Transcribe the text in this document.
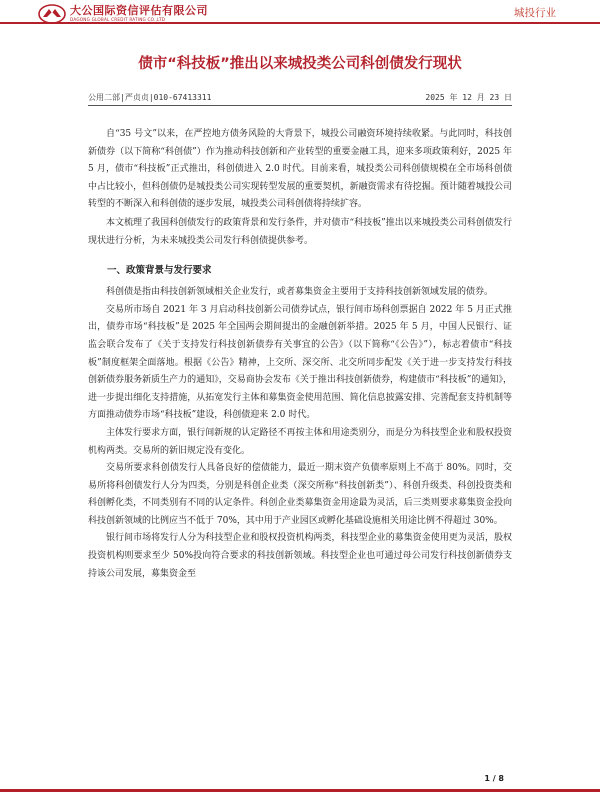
大公国际资信评估有限公司
DAGONG GLOBAL CREDIT RATING CO.,LTD
城投行业
债市“科技板”推出以来城投类公司科创债发行现状
公用二部|严贞贞|010-67413311	2025 年 12 月 23 日

自“35 号文”以来，在严控地方债务风险的大背景下，城投公司融资环境持续收紧。与此同时，科技创新债券（以下简称“科创债”）作为推动科技创新和产业转型的重要金融工具，迎来多项政策利好，2025 年 5 月，债市“科技板”正式推出，科创债进入 2.0 时代。目前来看，城投类公司科创债规模在全市场科创债中占比较小，但科创债仍是城投类公司实现转型发展的重要契机，新融资需求有待挖掘。预计随着城投公司转型的不断深入和科创债的逐步发展，城投类公司科创债将持续扩容。

本文梳理了我国科创债发行的政策背景和发行条件，并对债市“科技板”推出以来城投类公司科创债发行现状进行分析，为未来城投类公司发行科创债提供参考。

一、政策背景与发行要求

科创债是指由科技创新领域相关企业发行，或者募集资金主要用于支持科技创新领域发展的债券。

交易所市场自 2021 年 3 月启动科技创新公司债券试点，银行间市场科创票据自 2022 年 5 月正式推出，债券市场“科技板”是 2025 年全国两会期间提出的金融创新举措。2025 年 5 月，中国人民银行、证监会联合发布了《关于支持发行科技创新债券有关事宜的公告》（以下简称“《公告》”），标志着债市“科技板”制度框架全面落地。根据《公告》精神，上交所、深交所、北交所同步配发《关于进一步支持发行科技创新债券服务新质生产力的通知》，交易商协会发布《关于推出科技创新债券，构建债市“科技板”的通知》，进一步提出细化支持措施，从拓宽发行主体和募集资金使用范围、简化信息披露安排、完善配套支持机制等方面推动债券市场“科技板”建设，科创债迎来 2.0 时代。

主体发行要求方面，银行间新规的认定路径不再按主体和用途类别分，而是分为科技型企业和股权投资机构两类。交易所的新旧规定没有变化。

交易所要求科创债发行人具备良好的偿债能力，最近一期末资产负债率原则上不高于 80%。同时，交易所将科创债发行人分为四类，分别是科创企业类（深交所称“科技创新类”）、科创升级类、科创投资类和科创孵化类，不同类别有不同的认定条件。科创企业类募集资金用途最为灵活，后三类则要求募集资金投向科技创新领域的比例应当不低于 70%，其中用于产业园区或孵化基础设施相关用途比例不得超过 30%。

银行间市场将发行人分为科技型企业和股权投资机构两类，科技型企业的募集资金使用更为灵活，股权投资机构则要求至少 50%投向符合要求的科技创新领域。科技型企业也可通过母公司发行科技创新债券支持该公司发展，募集资金至

1 / 8
